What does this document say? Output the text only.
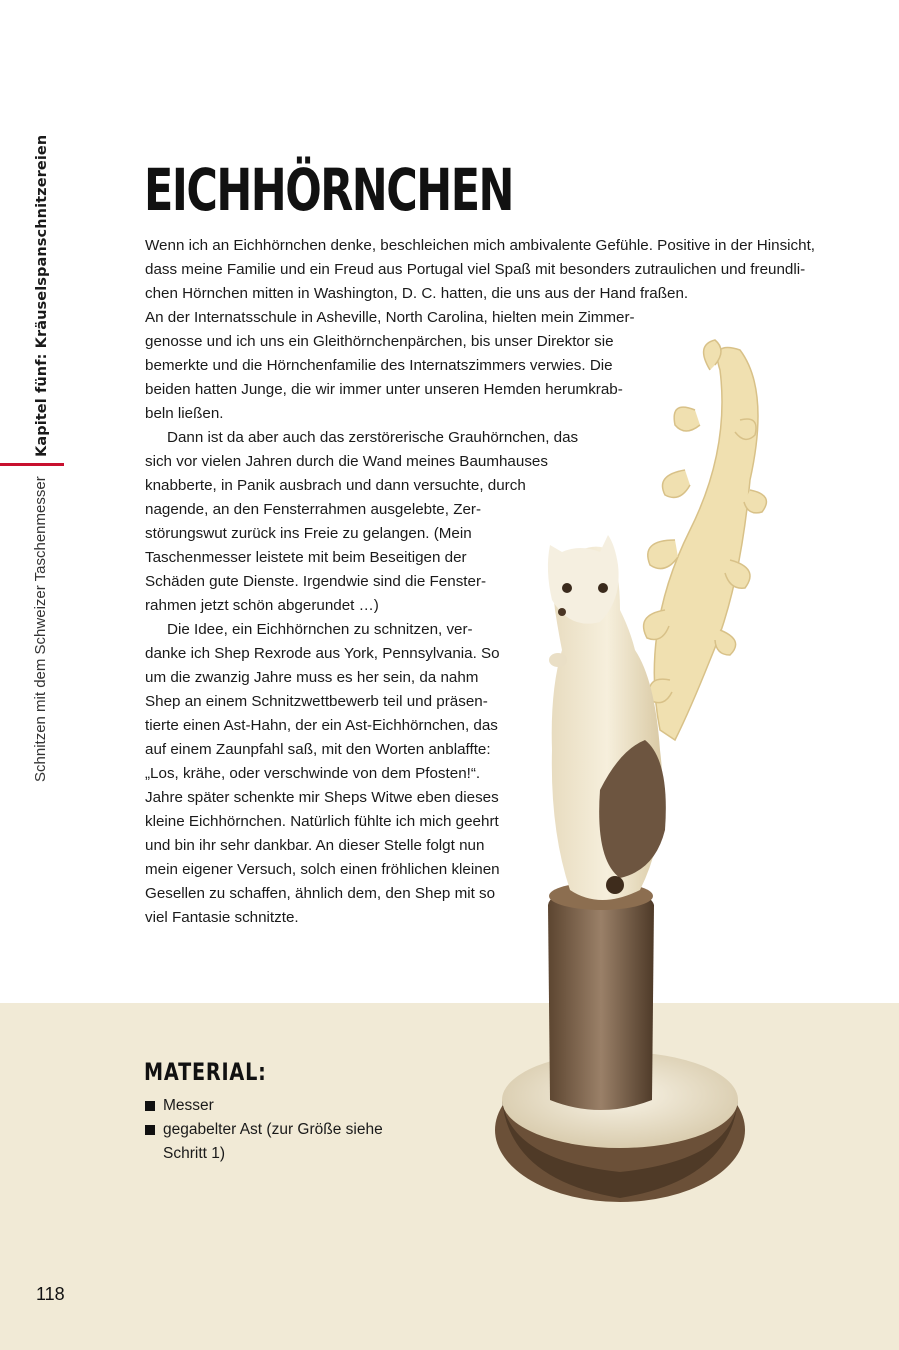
Kapitel fünf: Kräuselspanschnitzereien
Schnitzen mit dem Schweizer Taschenmesser
EICHHÖRNCHEN
Wenn ich an Eichhörnchen denke, beschleichen mich ambivalente Gefühle. Positive in der Hinsicht,
dass meine Familie und ein Freud aus Portugal viel Spaß mit besonders zutraulichen und freundli-
chen Hörnchen mitten in Washington, D. C. hatten, die uns aus der Hand fraßen.
An der Internatsschule in Asheville, North Carolina, hielten mein Zimmer-
genosse und ich uns ein Gleithörnchenpärchen, bis unser Direktor sie
bemerkte und die Hörnchenfamilie des Internatszimmers verwies. Die
beiden hatten Junge, die wir immer unter unseren Hemden herumkrab-
beln ließen.
Dann ist da aber auch das zerstörerische Grauhörnchen, das
sich vor vielen Jahren durch die Wand meines Baumhauses
knabberte, in Panik ausbrach und dann versuchte, durch
nagende, an den Fensterrahmen ausgelebte, Zer-
störungswut zurück ins Freie zu gelangen. (Mein
Taschenmesser leistete mit beim Beseitigen der
Schäden gute Dienste. Irgendwie sind die Fenster-
rahmen jetzt schön abgerundet …)
Die Idee, ein Eichhörnchen zu schnitzen, ver-
danke ich Shep Rexrode aus York, Pennsylvania. So
um die zwanzig Jahre muss es her sein, da nahm
Shep an einem Schnitzwettbewerb teil und präsen-
tierte einen Ast-Hahn, der ein Ast-Eichhörnchen, das
auf einem Zaunpfahl saß, mit den Worten anblaffte:
„Los, krähe, oder verschwinde von dem Pfosten!“.
Jahre später schenkte mir Sheps Witwe eben dieses
kleine Eichhörnchen. Natürlich fühlte ich mich geehrt
und bin ihr sehr dankbar. An dieser Stelle folgt nun
mein eigener Versuch, solch einen fröhlichen kleinen
Gesellen zu schaffen, ähnlich dem, den Shep mit so
viel Fantasie schnitzte.
MATERIAL:
Messer
gegabelter Ast (zur Größe siehe Schritt 1)
118
